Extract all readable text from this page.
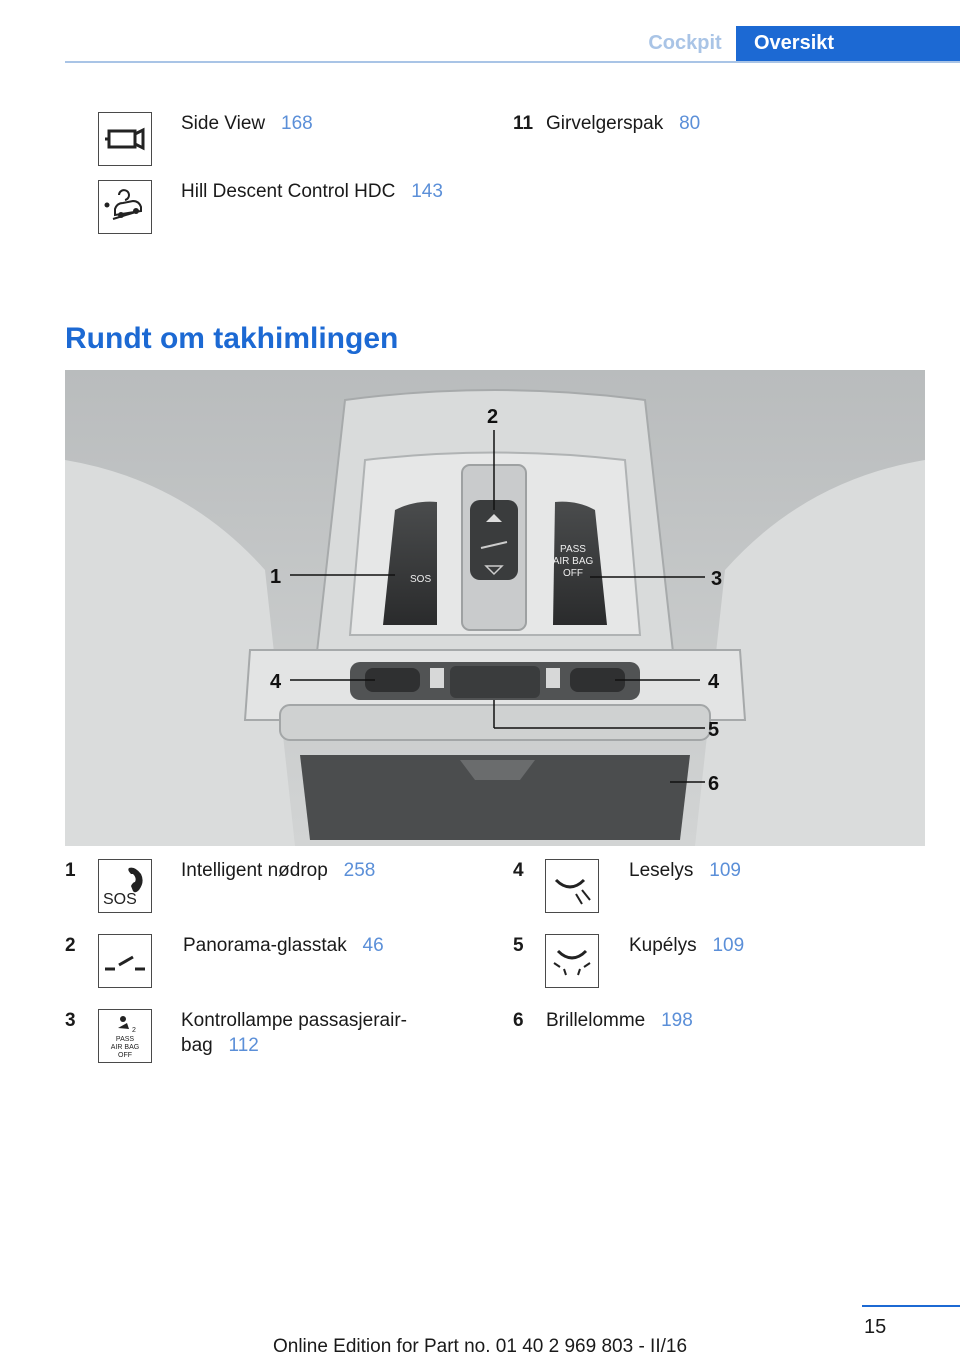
Cockpit	Oversikt
Side View 168
Hill Descent Control HDC 143
11 Girvelgerspak 80
Rundt om takhimlingen
PASS
AIR BAG
OFF
SOS
1
2
3
4	4
5
6
1
SOS
Intelligent nødrop 258
2	Panorama-glasstak 46
3	2
PASS
AIR BAG
OFF
Kontrollampe passasjerair-
bag 112
4	Leselys 109
5	Kupélys 109
6 Brillelomme 198
15
Online Edition for Part no. 01 40 2 969 803 - II/16
